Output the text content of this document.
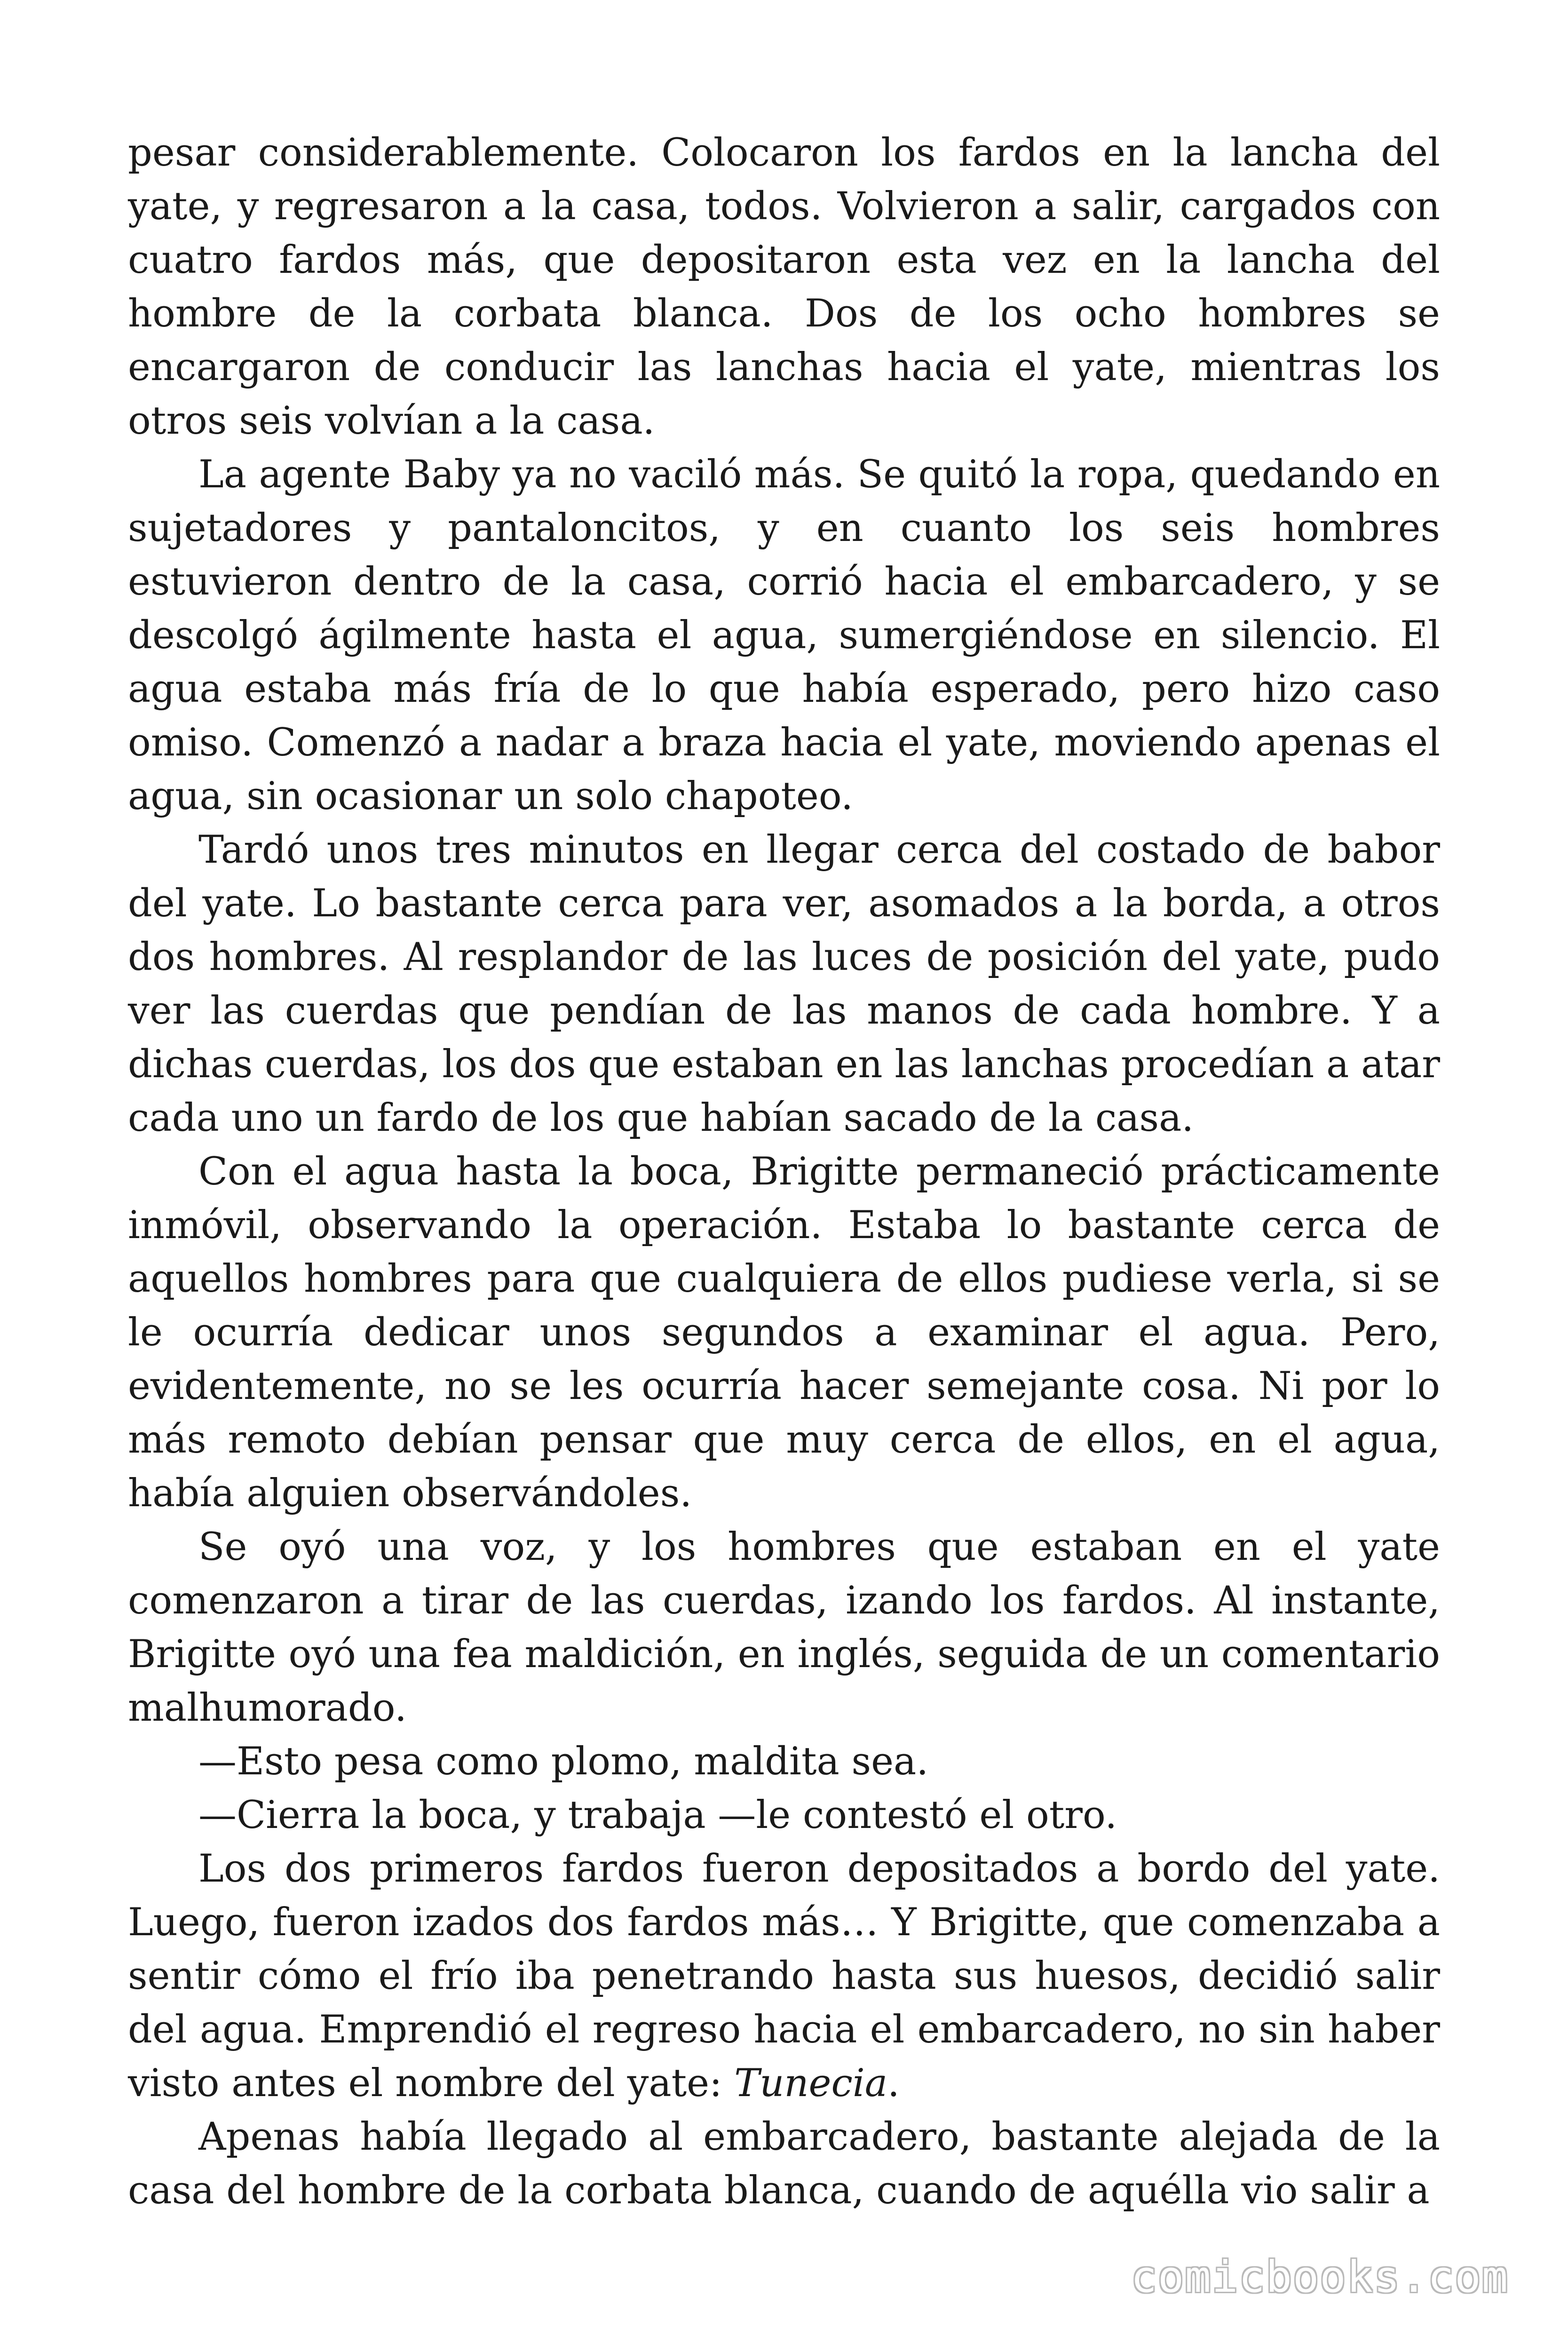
pesar considerablemente. Colocaron los fardos en la lancha del yate, y regresaron a la casa, todos. Volvieron a salir, cargados con cuatro fardos más, que depositaron esta vez en la lancha del hombre de la corbata blanca. Dos de los ocho hombres se encargaron de conducir las lanchas hacia el yate, mientras los otros seis volvían a la casa.

La agente Baby ya no vaciló más. Se quitó la ropa, quedando en sujetadores y pantaloncitos, y en cuanto los seis hombres estuvieron dentro de la casa, corrió hacia el embarcadero, y se descolgó ágilmente hasta el agua, sumergiéndose en silencio. El agua estaba más fría de lo que había esperado, pero hizo caso omiso. Comenzó a nadar a braza hacia el yate, moviendo apenas el agua, sin ocasionar un solo chapoteo.

Tardó unos tres minutos en llegar cerca del costado de babor del yate. Lo bastante cerca para ver, asomados a la borda, a otros dos hombres. Al resplandor de las luces de posición del yate, pudo ver las cuerdas que pendían de las manos de cada hombre. Y a dichas cuerdas, los dos que estaban en las lanchas procedían a atar cada uno un fardo de los que habían sacado de la casa.

Con el agua hasta la boca, Brigitte permaneció prácticamente inmóvil, observando la operación. Estaba lo bastante cerca de aquellos hombres para que cualquiera de ellos pudiese verla, si se le ocurría dedicar unos segundos a examinar el agua. Pero, evidentemente, no se les ocurría hacer semejante cosa. Ni por lo más remoto debían pensar que muy cerca de ellos, en el agua, había alguien observándoles.

Se oyó una voz, y los hombres que estaban en el yate comenzaron a tirar de las cuerdas, izando los fardos. Al instante, Brigitte oyó una fea maldición, en inglés, seguida de un comentario malhumorado.

—Esto pesa como plomo, maldita sea.

—Cierra la boca, y trabaja —le contestó el otro.

Los dos primeros fardos fueron depositados a bordo del yate. Luego, fueron izados dos fardos más… Y Brigitte, que comenzaba a sentir cómo el frío iba penetrando hasta sus huesos, decidió salir del agua. Emprendió el regreso hacia el embarcadero, no sin haber visto antes el nombre del yate: Tunecia.

Apenas había llegado al embarcadero, bastante alejada de la casa del hombre de la corbata blanca, cuando de aquélla vio salir a

comicbooks.com
